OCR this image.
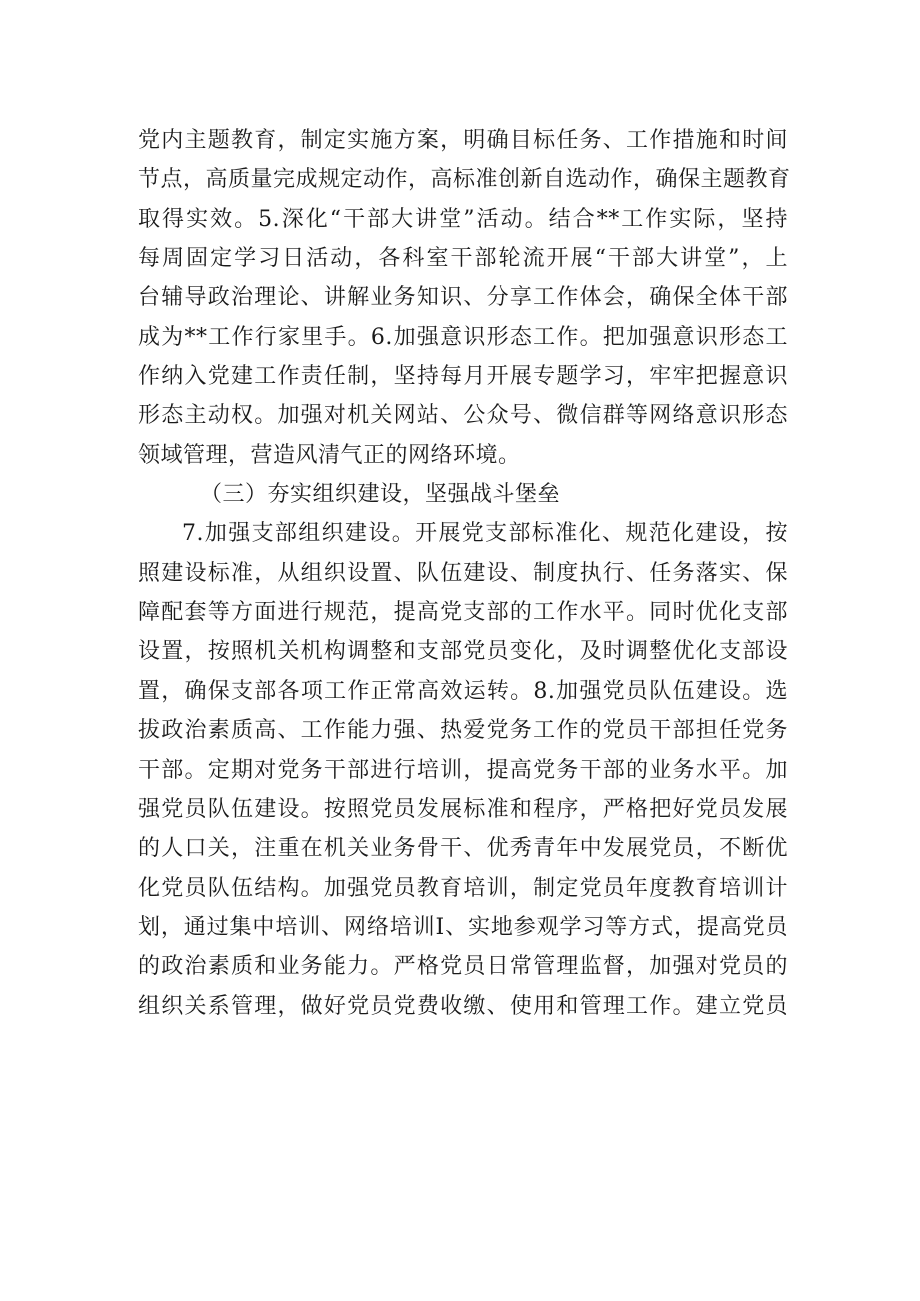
党内主题教育，制定实施方案，明确目标任务、工作措施和时间
节点，高质量完成规定动作，高标准创新自选动作，确保主题教育
取得实效。5.深化“干部大讲堂”活动。结合**工作实际，坚持
每周固定学习日活动，各科室干部轮流开展“干部大讲堂”，上
台辅导政治理论、讲解业务知识、分享工作体会，确保全体干部
成为**工作行家里手。6.加强意识形态工作。把加强意识形态工
作纳入党建工作责任制，坚持每月开展专题学习，牢牢把握意识
形态主动权。加强对机关网站、公众号、微信群等网络意识形态
领域管理，营造风清气正的网络环境。
（三）夯实组织建设，坚强战斗堡垒
7.加强支部组织建设。开展党支部标准化、规范化建设，按
照建设标准，从组织设置、队伍建设、制度执行、任务落实、保
障配套等方面进行规范，提高党支部的工作水平。同时优化支部
设置，按照机关机构调整和支部党员变化，及时调整优化支部设
置，确保支部各项工作正常高效运转。8.加强党员队伍建设。选
拔政治素质高、工作能力强、热爱党务工作的党员干部担任党务
干部。定期对党务干部进行培训，提高党务干部的业务水平。加
强党员队伍建设。按照党员发展标准和程序，严格把好党员发展
的人口关，注重在机关业务骨干、优秀青年中发展党员，不断优
化党员队伍结构。加强党员教育培训，制定党员年度教育培训计
划，通过集中培训、网络培训I、实地参观学习等方式，提高党员
的政治素质和业务能力。严格党员日常管理监督，加强对党员的
组织关系管理，做好党员党费收缴、使用和管理工作。建立党员
